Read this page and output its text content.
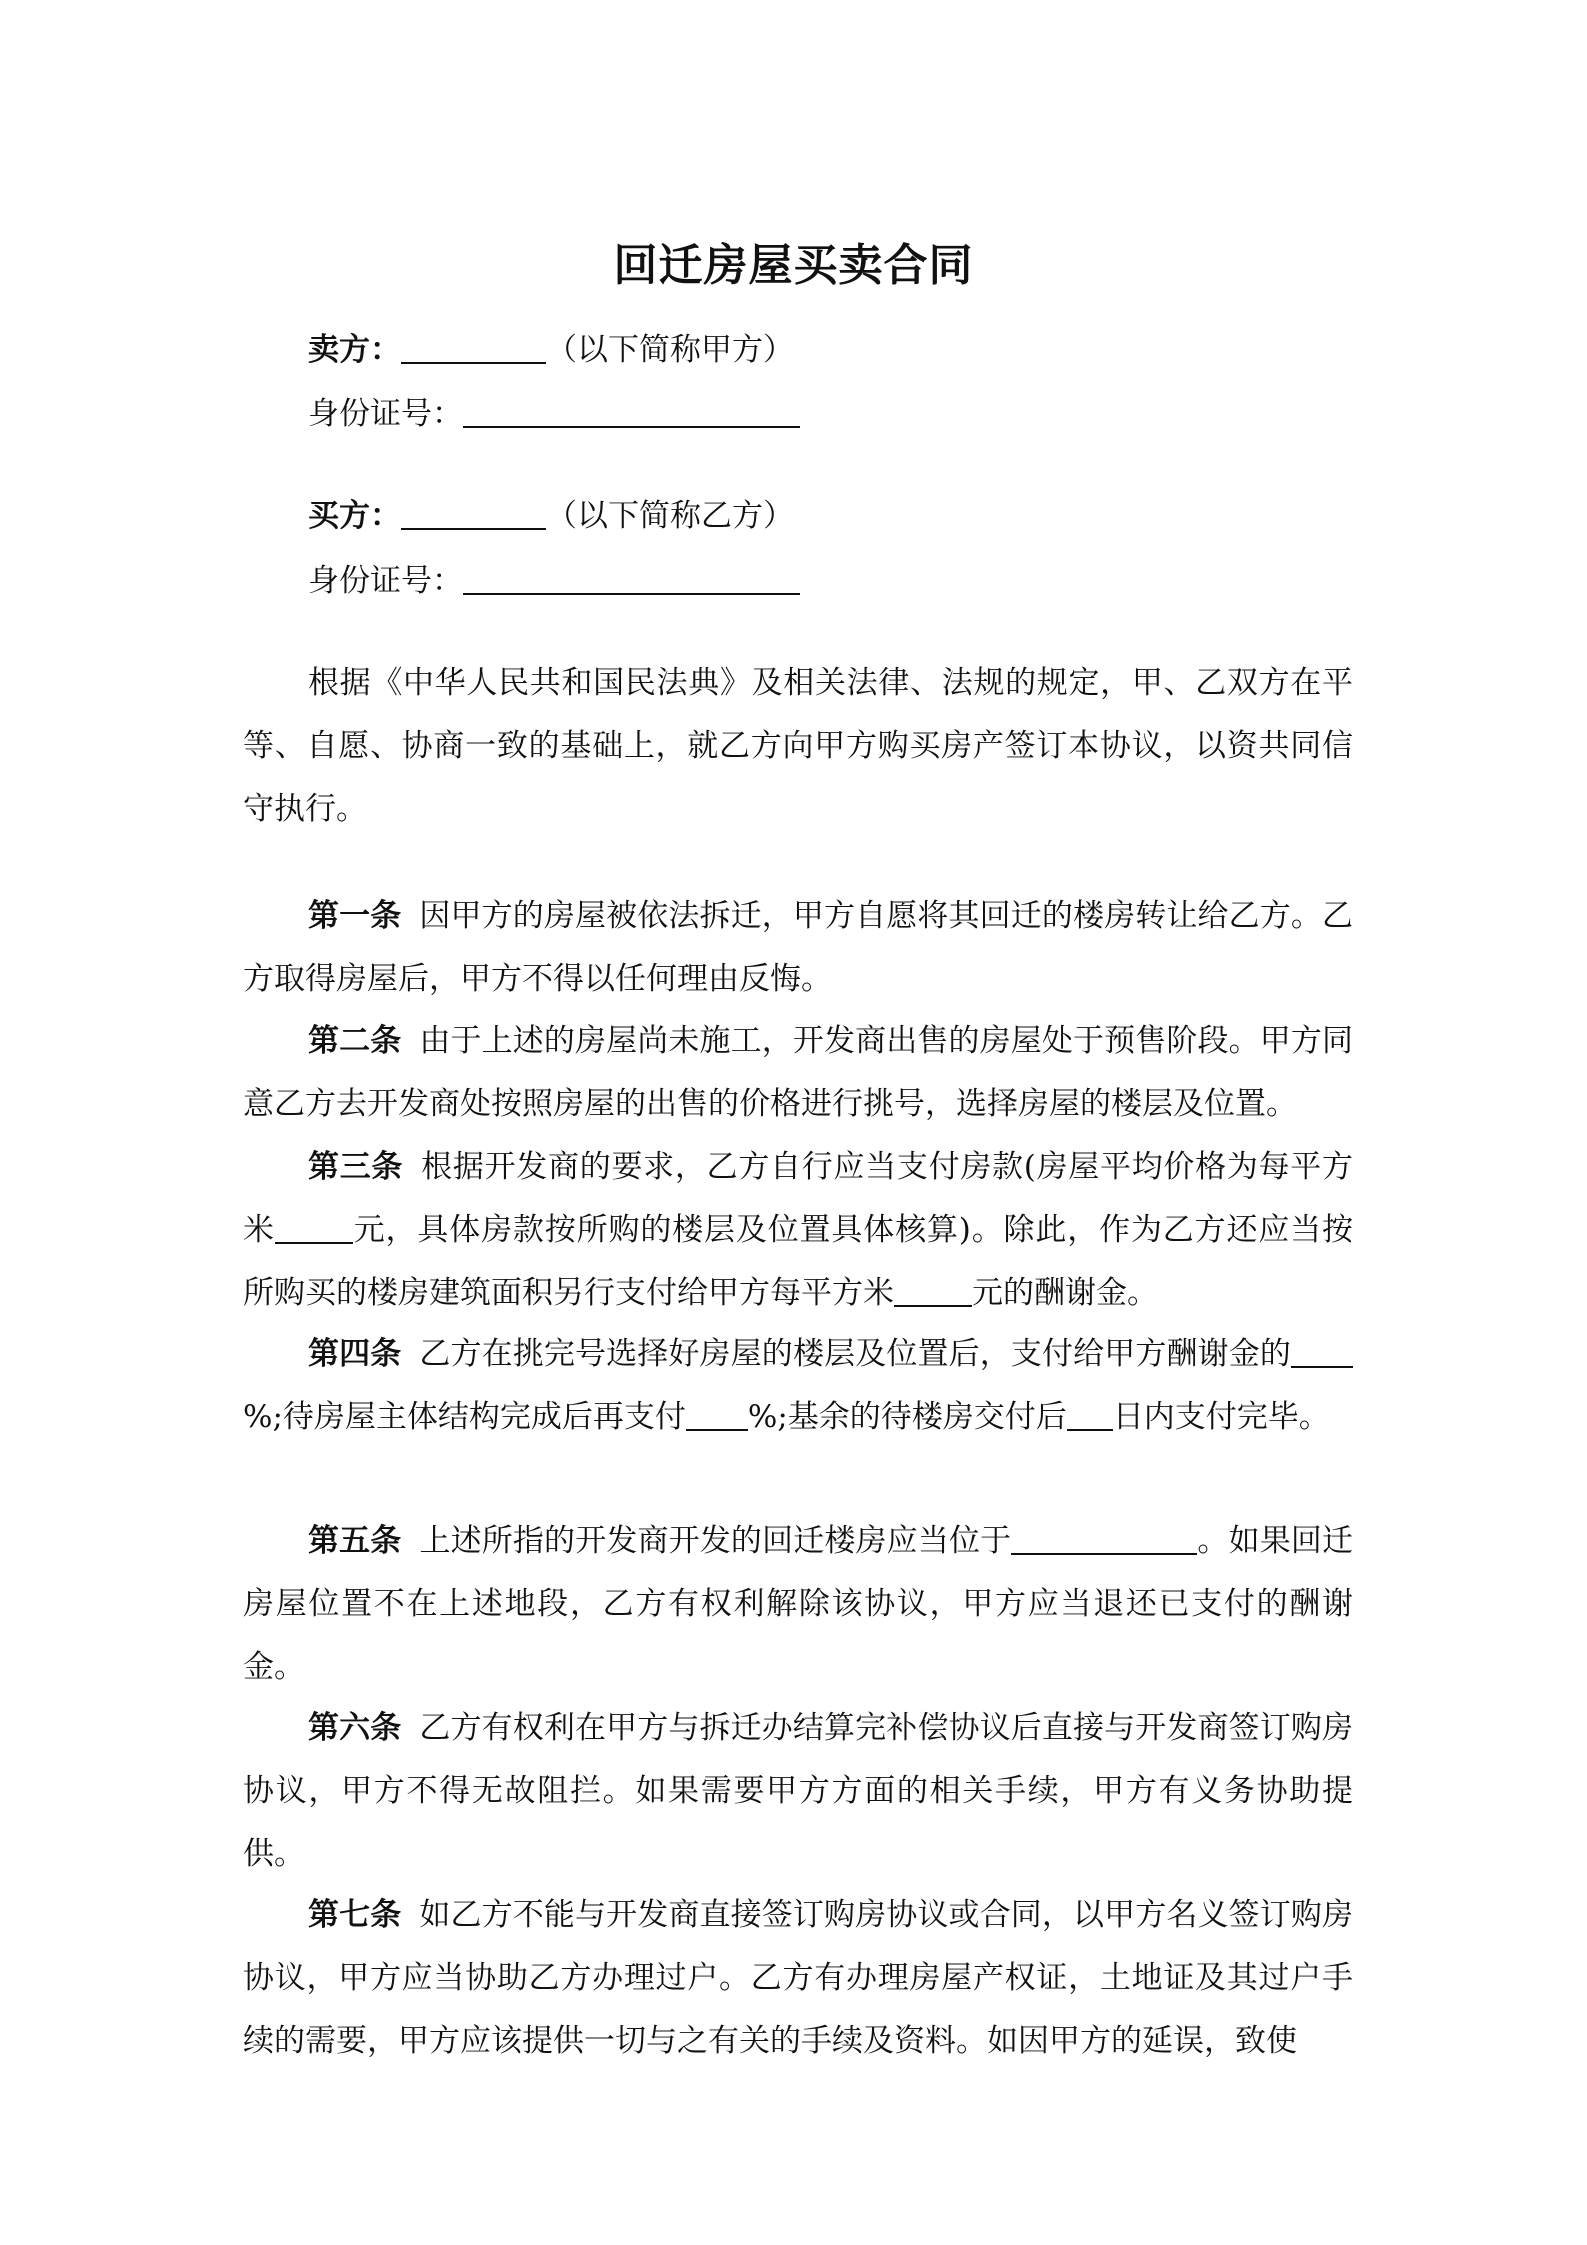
回迁房屋买卖合同
卖方：	（以下简称甲方）
身份证号：
买方：	（以下简称乙方）
身份证号：
根据《中华人民共和国民法典》及相关法律、法规的规定，甲、乙双方在平等、自愿、协商一致的基础上，就乙方向甲方购买房产签订本协议，以资共同信守执行。
第一条 因甲方的房屋被依法拆迁，甲方自愿将其回迁的楼房转让给乙方。乙方取得房屋后，甲方不得以任何理由反悔。
第二条 由于上述的房屋尚未施工，开发商出售的房屋处于预售阶段。甲方同意乙方去开发商处按照房屋的出售的价格进行挑号，选择房屋的楼层及位置。
第三条 根据开发商的要求，乙方自行应当支付房款(房屋平均价格为每平方米	元，具体房款按所购的楼层及位置具体核算)。除此，作为乙方还应当按所购买的楼房建筑面积另行支付给甲方每平方米	元的酬谢金。
第四条 乙方在挑完号选择好房屋的楼层及位置后，支付给甲方酬谢金的%;待房屋主体结构完成后再支付 %;基余的待楼房交付后 日内支付完毕。
第五条 上述所指的开发商开发的回迁楼房应当位于	。如果回迁房屋位置不在上述地段，乙方有权利解除该协议，甲方应当退还已支付的酬谢金。
第六条 乙方有权利在甲方与拆迁办结算完补偿协议后直接与开发商签订购房协议，甲方不得无故阻拦。如果需要甲方方面的相关手续，甲方有义务协助提供。
第七条 如乙方不能与开发商直接签订购房协议或合同，以甲方名义签订购房协议，甲方应当协助乙方办理过户。乙方有办理房屋产权证，土地证及其过户手续的需要，甲方应该提供一切与之有关的手续及资料。如因甲方的延误，致使
